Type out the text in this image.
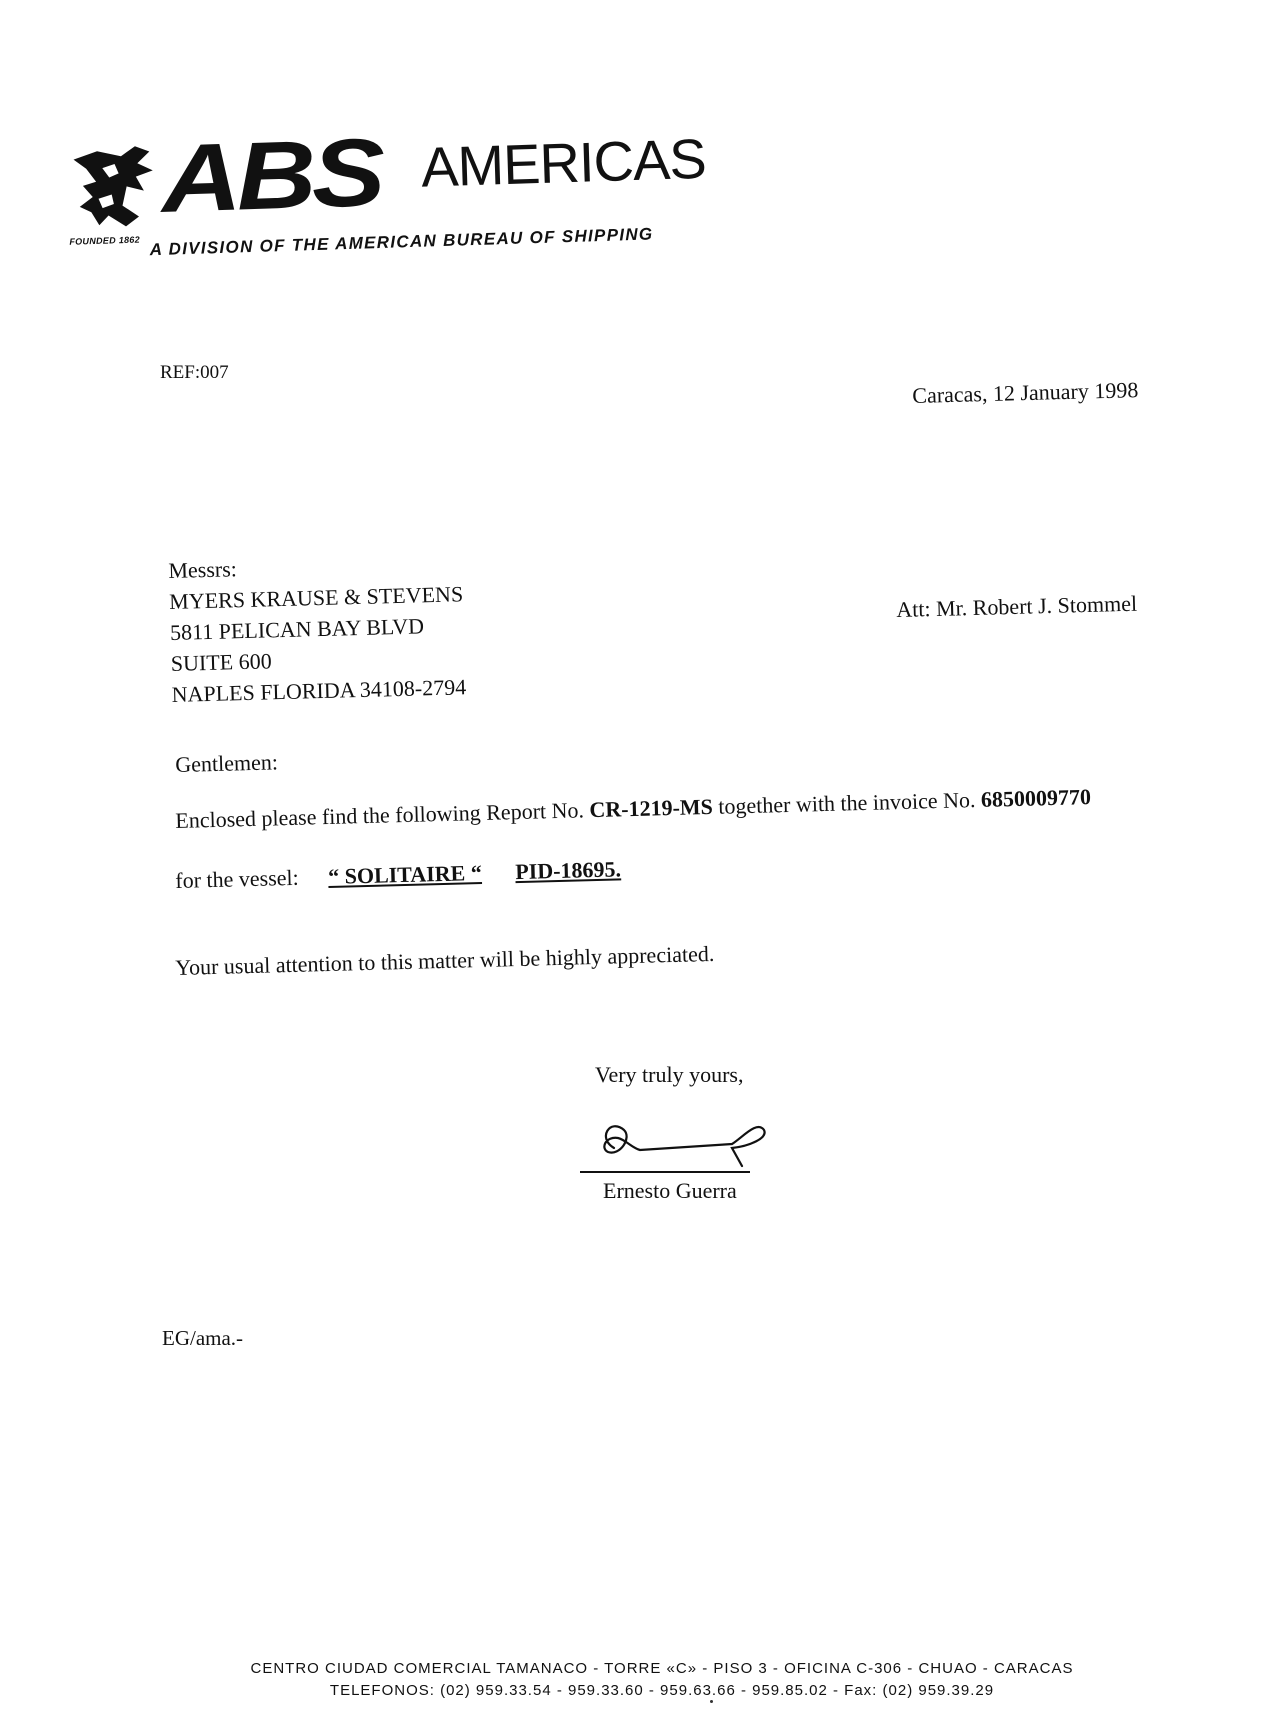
FOUNDED 1862
ABS AMERICAS
A DIVISION OF THE AMERICAN BUREAU OF SHIPPING
REF:007
Caracas, 12 January 1998
Messrs:
MYERS KRAUSE & STEVENS
5811 PELICAN BAY BLVD
SUITE 600
NAPLES FLORIDA 34108-2794
Att: Mr. Robert J. Stommel
Gentlemen:
Enclosed please find the following Report No. CR-1219-MS together with the invoice No. 6850009770
for the vessel: “ SOLITAIRE “ PID-18695.
Your usual attention to this matter will be highly appreciated.
Very truly yours,
Ernesto Guerra
EG/ama.-
CENTRO CIUDAD COMERCIAL TAMANACO - TORRE «C» - PISO 3 - OFICINA C-306 - CHUAO - CARACAS
TELEFONOS: (02) 959.33.54 - 959.33.60 - 959.63.66 - 959.85.02 - Fax: (02) 959.39.29
